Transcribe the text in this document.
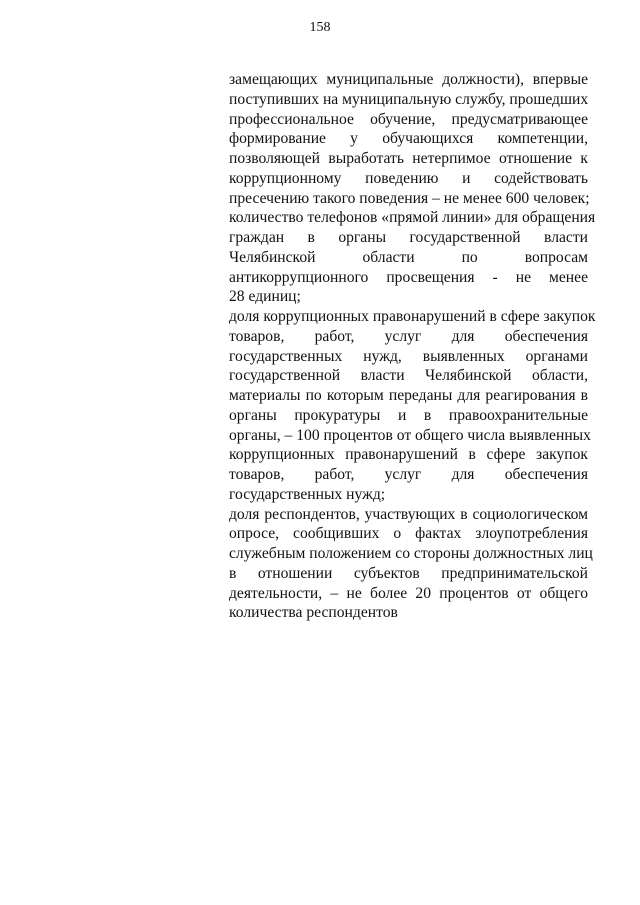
158
замещающих муниципальные должности), впервые
поступивших на муниципальную службу, прошедших
профессиональное обучение, предусматривающее
формирование у обучающихся компетенции,
позволяющей выработать нетерпимое отношение к
коррупционному поведению и содействовать
пресечению такого поведения – не менее 600 человек;
количество телефонов «прямой линии» для обращения
граждан в органы государственной власти
Челябинской области по вопросам
антикоррупционного просвещения - не менее
28 единиц;
доля коррупционных правонарушений в сфере закупок
товаров, работ, услуг для обеспечения
государственных нужд, выявленных органами
государственной власти Челябинской области,
материалы по которым переданы для реагирования в
органы прокуратуры и в правоохранительные
органы, – 100 процентов от общего числа выявленных
коррупционных правонарушений в сфере закупок
товаров, работ, услуг для обеспечения
государственных нужд;
доля респондентов, участвующих в социологическом
опросе, сообщивших о фактах злоупотребления
служебным положением со стороны должностных лиц
в отношении субъектов предпринимательской
деятельности, – не более 20 процентов от общего
количества респондентов
